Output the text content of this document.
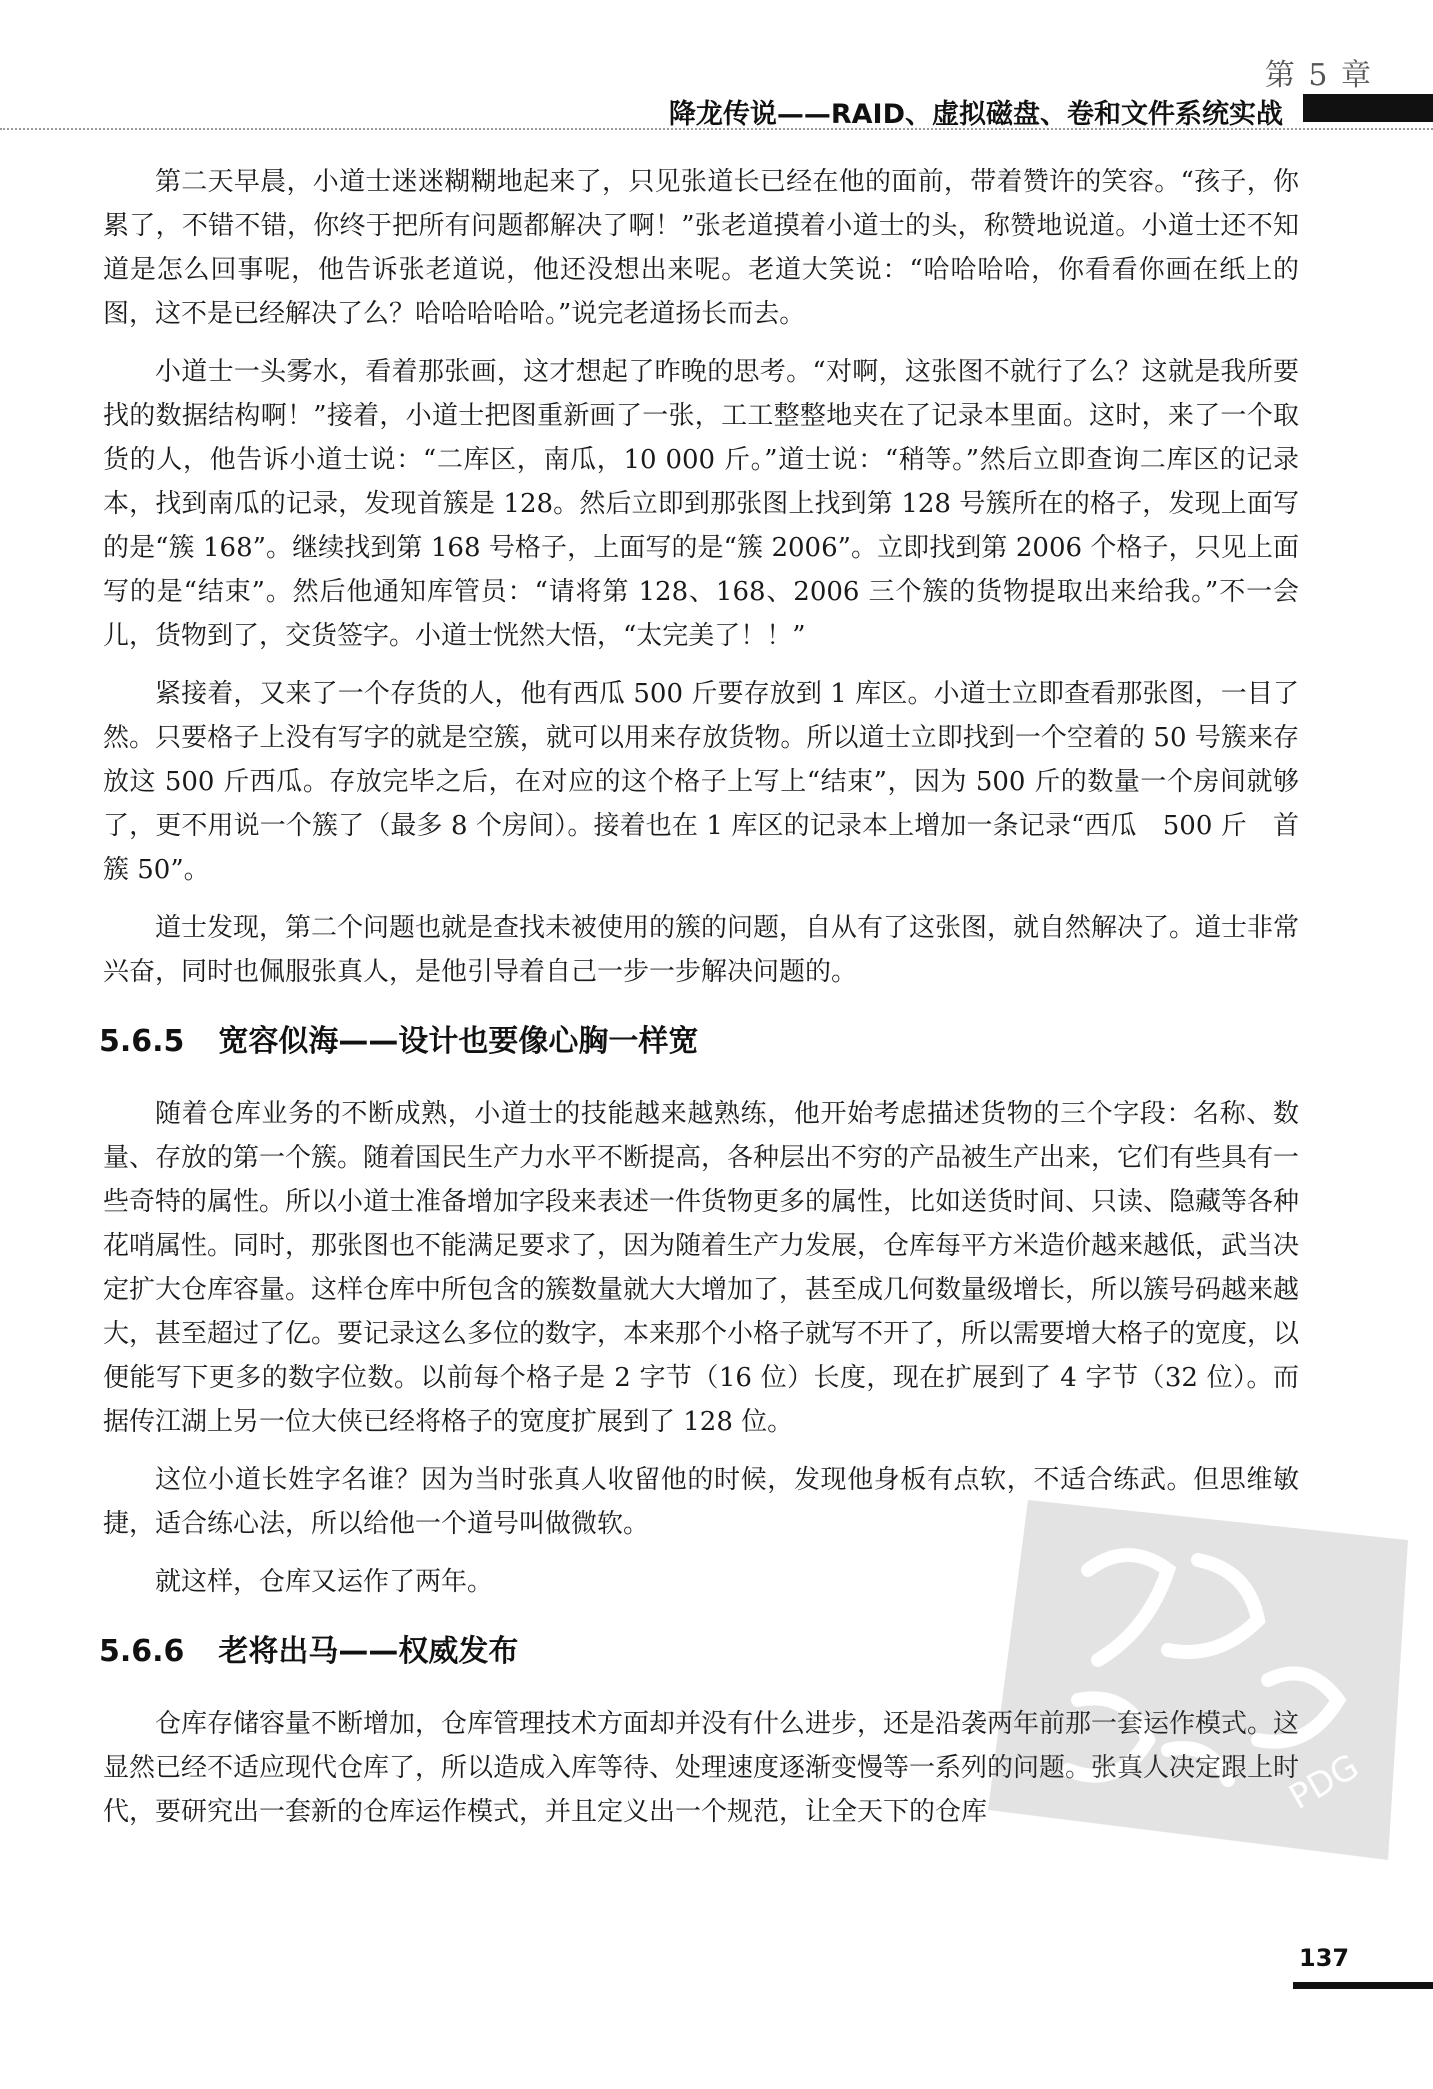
第 5 章
降龙传说——RAID、虚拟磁盘、卷和文件系统实战

第二天早晨，小道士迷迷糊糊地起来了，只见张道长已经在他的面前，带着赞许的笑容。“孩子，你累了，不错不错，你终于把所有问题都解决了啊！”张老道摸着小道士的头，称赞地说道。小道士还不知道是怎么回事呢，他告诉张老道说，他还没想出来呢。老道大笑说：“哈哈哈哈，你看看你画在纸上的图，这不是已经解决了么？哈哈哈哈哈。”说完老道扬长而去。

小道士一头雾水，看着那张画，这才想起了昨晚的思考。“对啊，这张图不就行了么？这就是我所要找的数据结构啊！”接着，小道士把图重新画了一张，工工整整地夹在了记录本里面。这时，来了一个取货的人，他告诉小道士说：“二库区，南瓜，10 000 斤。”道士说：“稍等。”然后立即查询二库区的记录本，找到南瓜的记录，发现首簇是 128。然后立即到那张图上找到第 128 号簇所在的格子，发现上面写的是“簇 168”。继续找到第 168 号格子，上面写的是“簇 2006”。立即找到第 2006 个格子，只见上面写的是“结束”。然后他通知库管员：“请将第 128、168、2006 三个簇的货物提取出来给我。”不一会儿，货物到了，交货签字。小道士恍然大悟，“太完美了！！”

紧接着，又来了一个存货的人，他有西瓜 500 斤要存放到 1 库区。小道士立即查看那张图，一目了然。只要格子上没有写字的就是空簇，就可以用来存放货物。所以道士立即找到一个空着的 50 号簇来存放这 500 斤西瓜。存放完毕之后，在对应的这个格子上写上“结束”，因为 500 斤的数量一个房间就够了，更不用说一个簇了（最多 8 个房间）。接着也在 1 库区的记录本上增加一条记录“西瓜　500 斤　首簇 50”。

道士发现，第二个问题也就是查找未被使用的簇的问题，自从有了这张图，就自然解决了。道士非常兴奋，同时也佩服张真人，是他引导着自己一步一步解决问题的。

5.6.5 宽容似海——设计也要像心胸一样宽

随着仓库业务的不断成熟，小道士的技能越来越熟练，他开始考虑描述货物的三个字段：名称、数量、存放的第一个簇。随着国民生产力水平不断提高，各种层出不穷的产品被生产出来，它们有些具有一些奇特的属性。所以小道士准备增加字段来表述一件货物更多的属性，比如送货时间、只读、隐藏等各种花哨属性。同时，那张图也不能满足要求了，因为随着生产力发展，仓库每平方米造价越来越低，武当决定扩大仓库容量。这样仓库中所包含的簇数量就大大增加了，甚至成几何数量级增长，所以簇号码越来越大，甚至超过了亿。要记录这么多位的数字，本来那个小格子就写不开了，所以需要增大格子的宽度，以便能写下更多的数字位数。以前每个格子是 2 字节（16 位）长度，现在扩展到了 4 字节（32 位）。而据传江湖上另一位大侠已经将格子的宽度扩展到了 128 位。

这位小道长姓字名谁？因为当时张真人收留他的时候，发现他身板有点软，不适合练武。但思维敏捷，适合练心法，所以给他一个道号叫做微软。

就这样，仓库又运作了两年。

5.6.6 老将出马——权威发布

仓库存储容量不断增加，仓库管理技术方面却并没有什么进步，还是沿袭两年前那一套运作模式。这显然已经不适应现代仓库了，所以造成入库等待、处理速度逐渐变慢等一系列的问题。张真人决定跟上时代，要研究出一套新的仓库运作模式，并且定义出一个规范，让全天下的仓库	PDG
137
